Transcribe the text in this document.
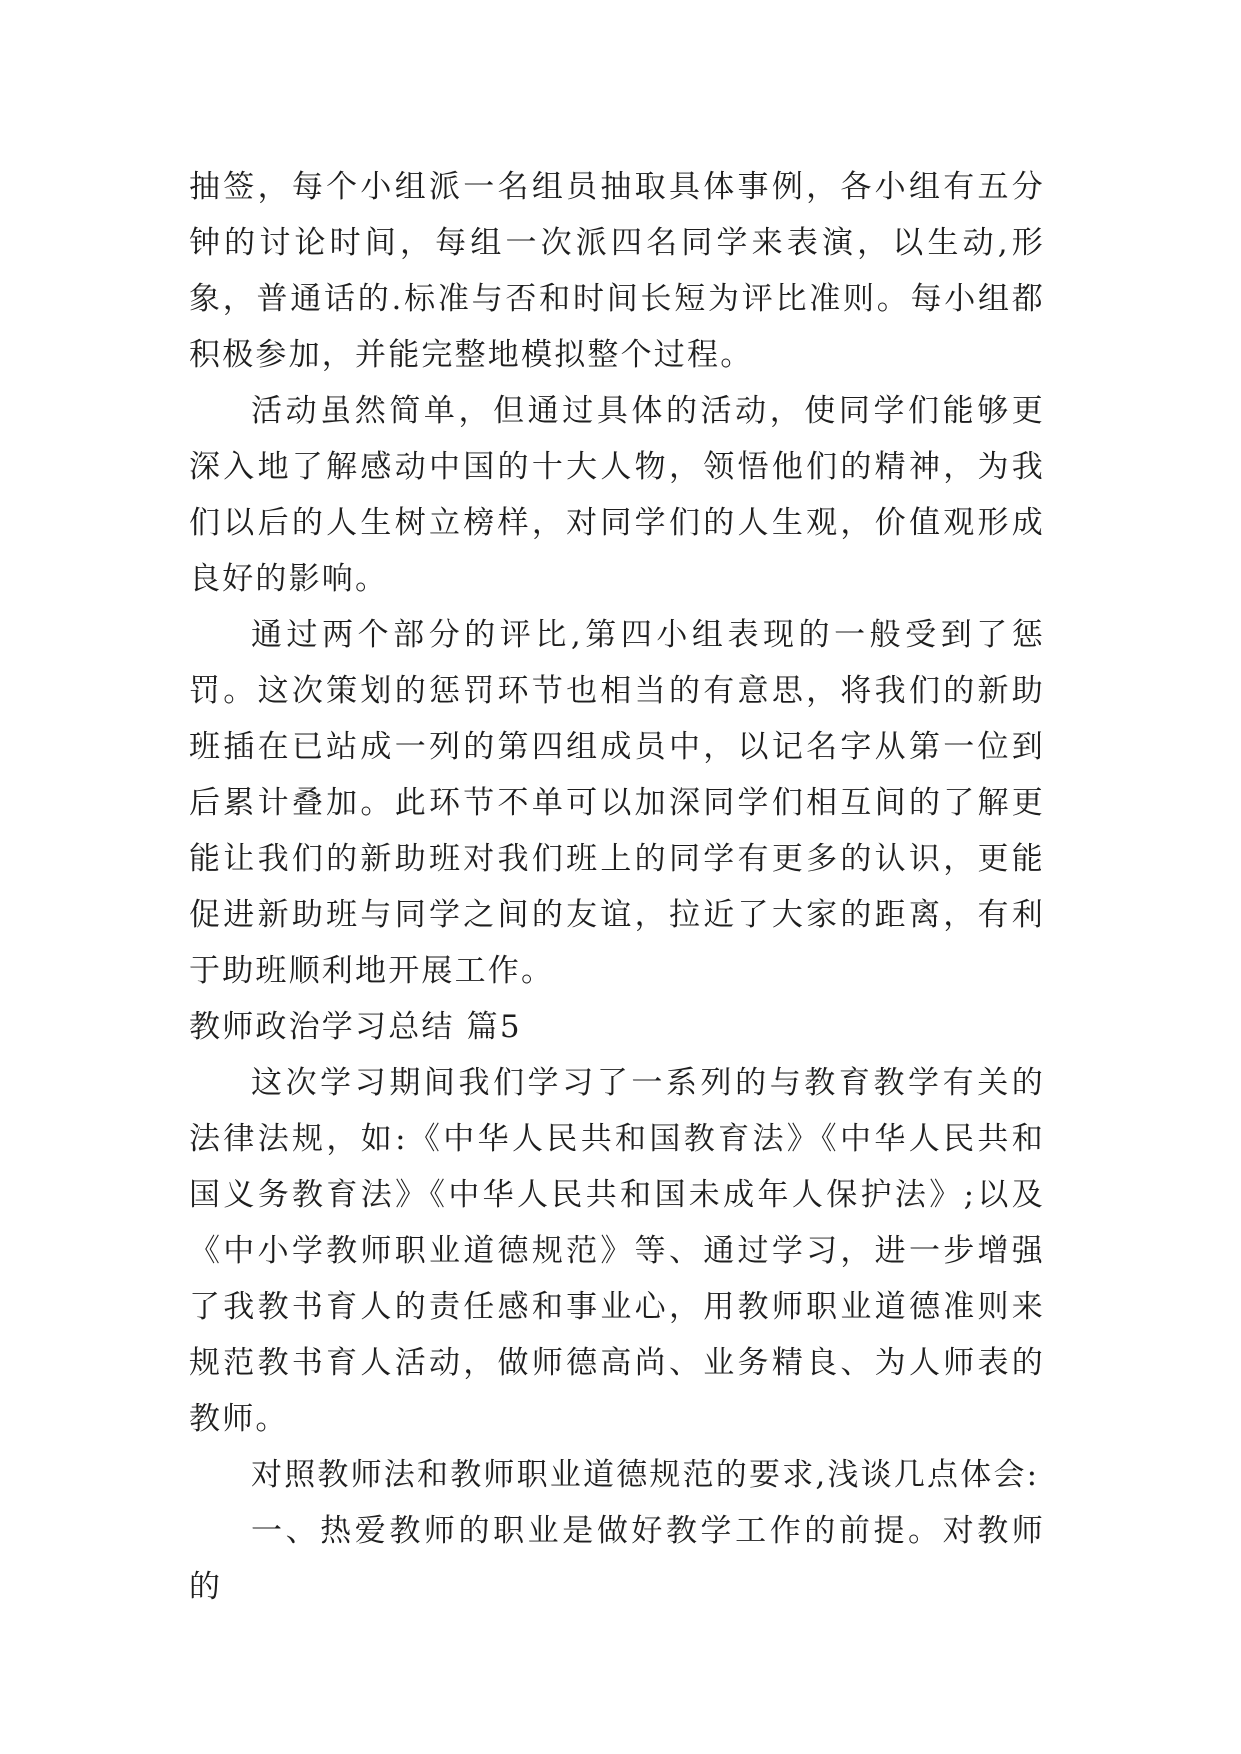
抽签，每个小组派一名组员抽取具体事例，各小组有五分钟的讨论时间，每组一次派四名同学来表演，以生动,形象，普通话的.标准与否和时间长短为评比准则。每小组都积极参加，并能完整地模拟整个过程。

活动虽然简单，但通过具体的活动，使同学们能够更深入地了解感动中国的十大人物，领悟他们的精神，为我们以后的人生树立榜样，对同学们的人生观，价值观形成良好的影响。

通过两个部分的评比,第四小组表现的一般受到了惩罚。这次策划的惩罚环节也相当的有意思，将我们的新助班插在已站成一列的第四组成员中，以记名字从第一位到后累计叠加。此环节不单可以加深同学们相互间的了解更能让我们的新助班对我们班上的同学有更多的认识，更能促进新助班与同学之间的友谊，拉近了大家的距离，有利于助班顺利地开展工作。

教师政治学习总结 篇5

这次学习期间我们学习了一系列的与教育教学有关的法律法规，如:《中华人民共和国教育法》《中华人民共和国义务教育法》《中华人民共和国未成年人保护法》;以及《中小学教师职业道德规范》等、通过学习，进一步增强了我教书育人的责任感和事业心，用教师职业道德准则来规范教书育人活动，做师德高尚、业务精良、为人师表的教师。

对照教师法和教师职业道德规范的要求,浅谈几点体会:

一、热爱教师的职业是做好教学工作的前提。对教师的
